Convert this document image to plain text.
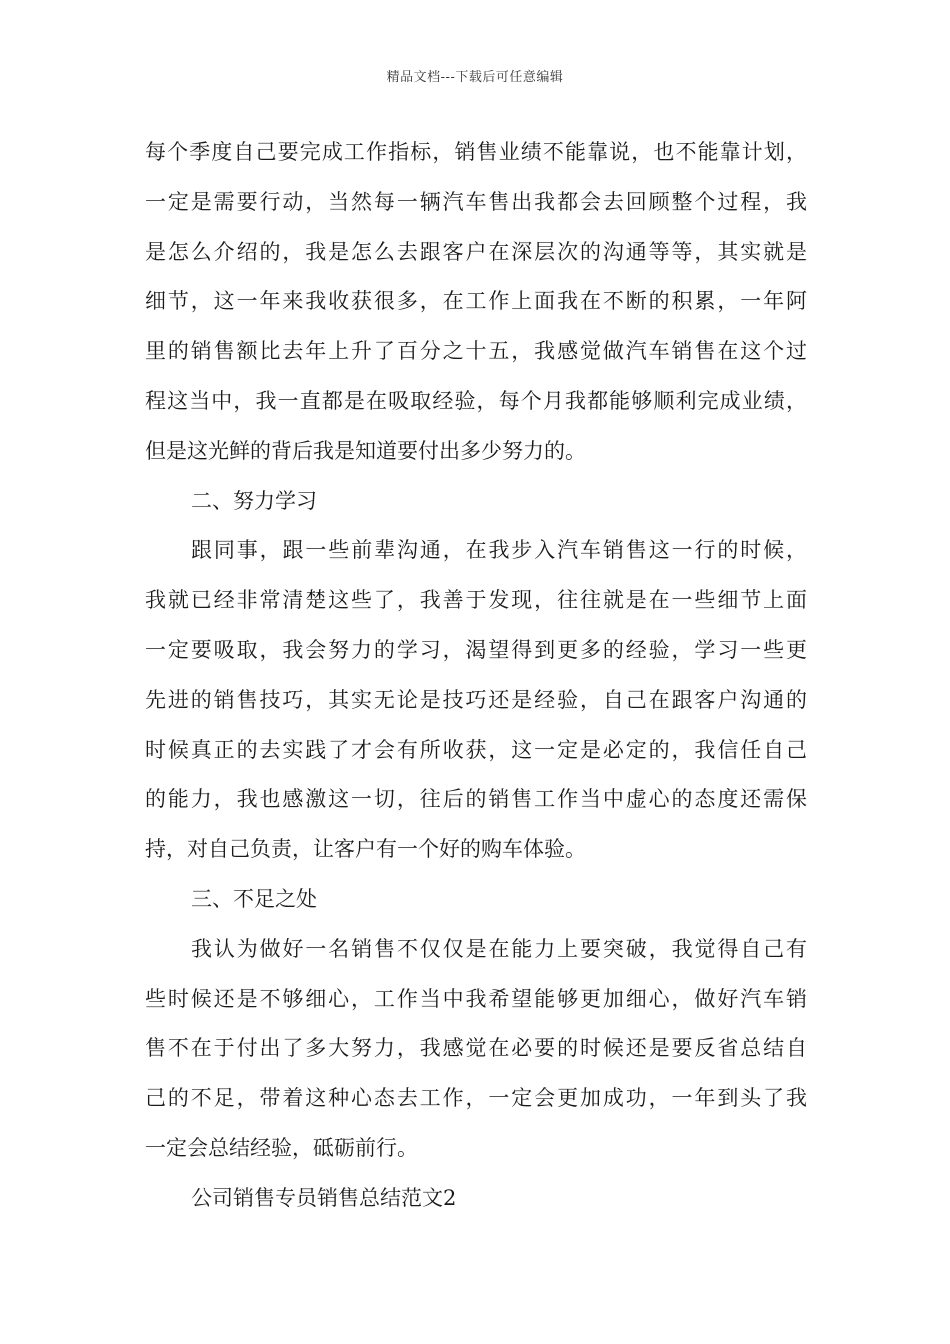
精品文档---下载后可任意编辑
每个季度自己要完成工作指标，销售业绩不能靠说，也不能靠计划，
一定是需要行动，当然每一辆汽车售出我都会去回顾整个过程，我
是怎么介绍的，我是怎么去跟客户在深层次的沟通等等，其实就是
细节，这一年来我收获很多，在工作上面我在不断的积累，一年阿
里的销售额比去年上升了百分之十五，我感觉做汽车销售在这个过
程这当中，我一直都是在吸取经验，每个月我都能够顺利完成业绩，
但是这光鲜的背后我是知道要付出多少努力的。
二、努力学习
跟同事，跟一些前辈沟通，在我步入汽车销售这一行的时候，
我就已经非常清楚这些了，我善于发现，往往就是在一些细节上面
一定要吸取，我会努力的学习，渴望得到更多的经验，学习一些更
先进的销售技巧，其实无论是技巧还是经验，自己在跟客户沟通的
时候真正的去实践了才会有所收获，这一定是必定的，我信任自己
的能力，我也感激这一切，往后的销售工作当中虚心的态度还需保
持，对自己负责，让客户有一个好的购车体验。
三、不足之处
我认为做好一名销售不仅仅是在能力上要突破，我觉得自己有
些时候还是不够细心，工作当中我希望能够更加细心，做好汽车销
售不在于付出了多大努力，我感觉在必要的时候还是要反省总结自
己的不足，带着这种心态去工作，一定会更加成功，一年到头了我
一定会总结经验，砥砺前行。
公司销售专员销售总结范文2
